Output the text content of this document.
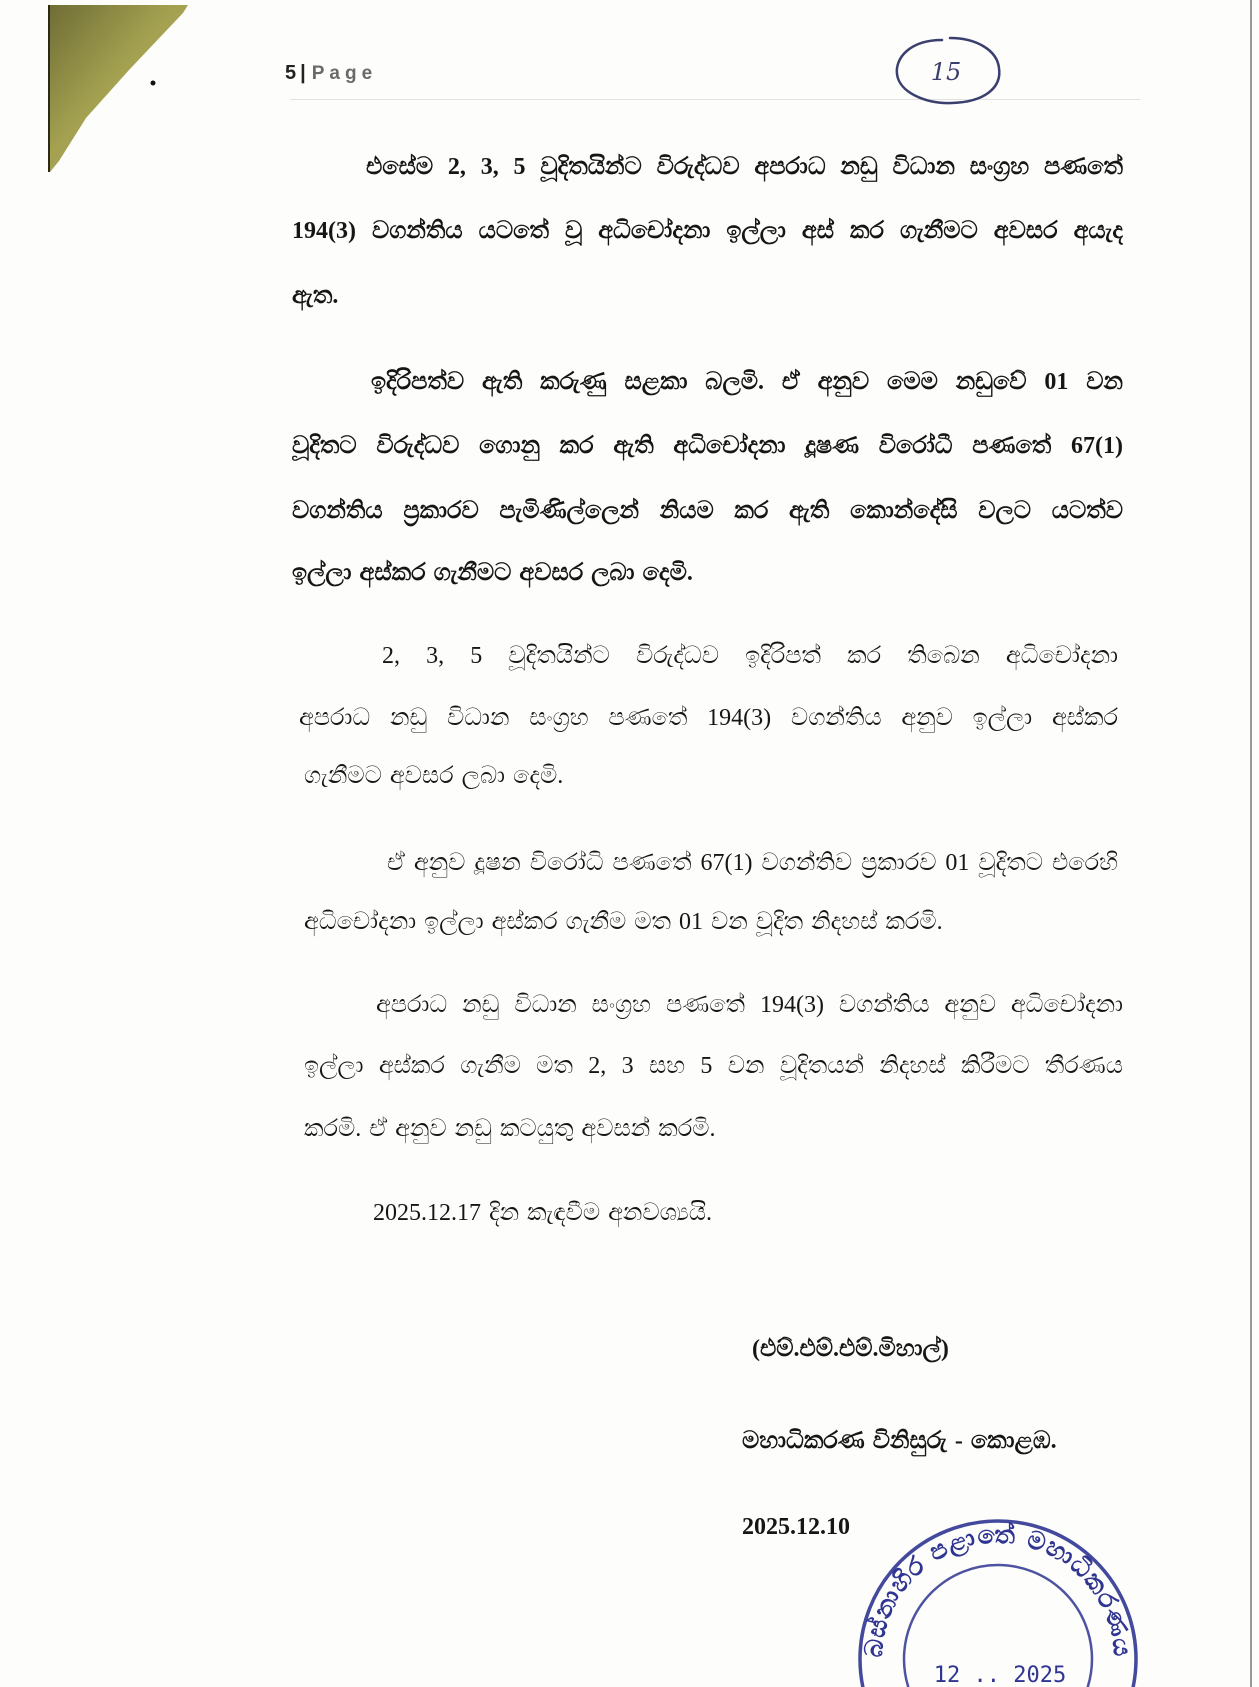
5 | Page	15
එසේම 2, 3, 5 වූදිතයින්ට විරුද්ධව අපරාධ නඩු විධාන සංග්‍රහ පණතේ
194(3) වගන්තිය යටතේ වූ අධිචෝදනා ඉල්ලා අස් කර ගැනීමට අවසර අයැද
ඇත.
ඉදිරිපත්ව ඇති කරුණු සළකා බලමි. ඒ අනුව මෙම නඩුවේ 01 වන
වූදිතට විරුද්ධව ගොනු කර ඇති අධිචෝදනා දූෂණ විරෝධී පණතේ 67(1)
වගන්තිය ප්‍රකාරව පැමිණිල්ලෙන් නියම කර ඇති කොන්දේසි වලට යටත්ව
ඉල්ලා අස්කර ගැනීමට අවසර ලබා දෙමි.
2, 3, 5 වූදිතයින්ට විරුද්ධව ඉදිරිපත් කර තිබෙන අධිචෝදනා
අපරාධ නඩු විධාන සංග්‍රහ පණතේ 194(3) වගන්තිය අනුව ඉල්ලා අස්කර
ගැනීමට අවසර ලබා දෙමි.
ඒ අනුව දූෂන විරෝධි පණතේ 67(1) වගන්තිව ප්‍රකාරව 01 වූදිතට එරෙහි
අධිචෝදනා ඉල්ලා අස්කර ගැනීම මත 01 වන වූදිත නිදහස් කරමි.
අපරාධ නඩු විධාන සංග්‍රහ පණතේ 194(3) වගන්තිය අනුව අධිචෝදනා
ඉල්ලා අස්කර ගැනීම මත 2, 3 සහ 5 වන වූදිතයන් නිදහස් කිරීමට තීරණය
කරමි. ඒ අනුව නඩු කටයුතු අවසන් කරමි.
2025.12.17 දින කැඳවීම අනවශ්‍යයි.
(එම්.එම්.එම්.මිහාල්)
මහාධිකරණ විනිසුරු - කොළඹ.
2025.12.10
බස්නාහිර පළාතේ මහාධිකරණය
12 .. 2025
